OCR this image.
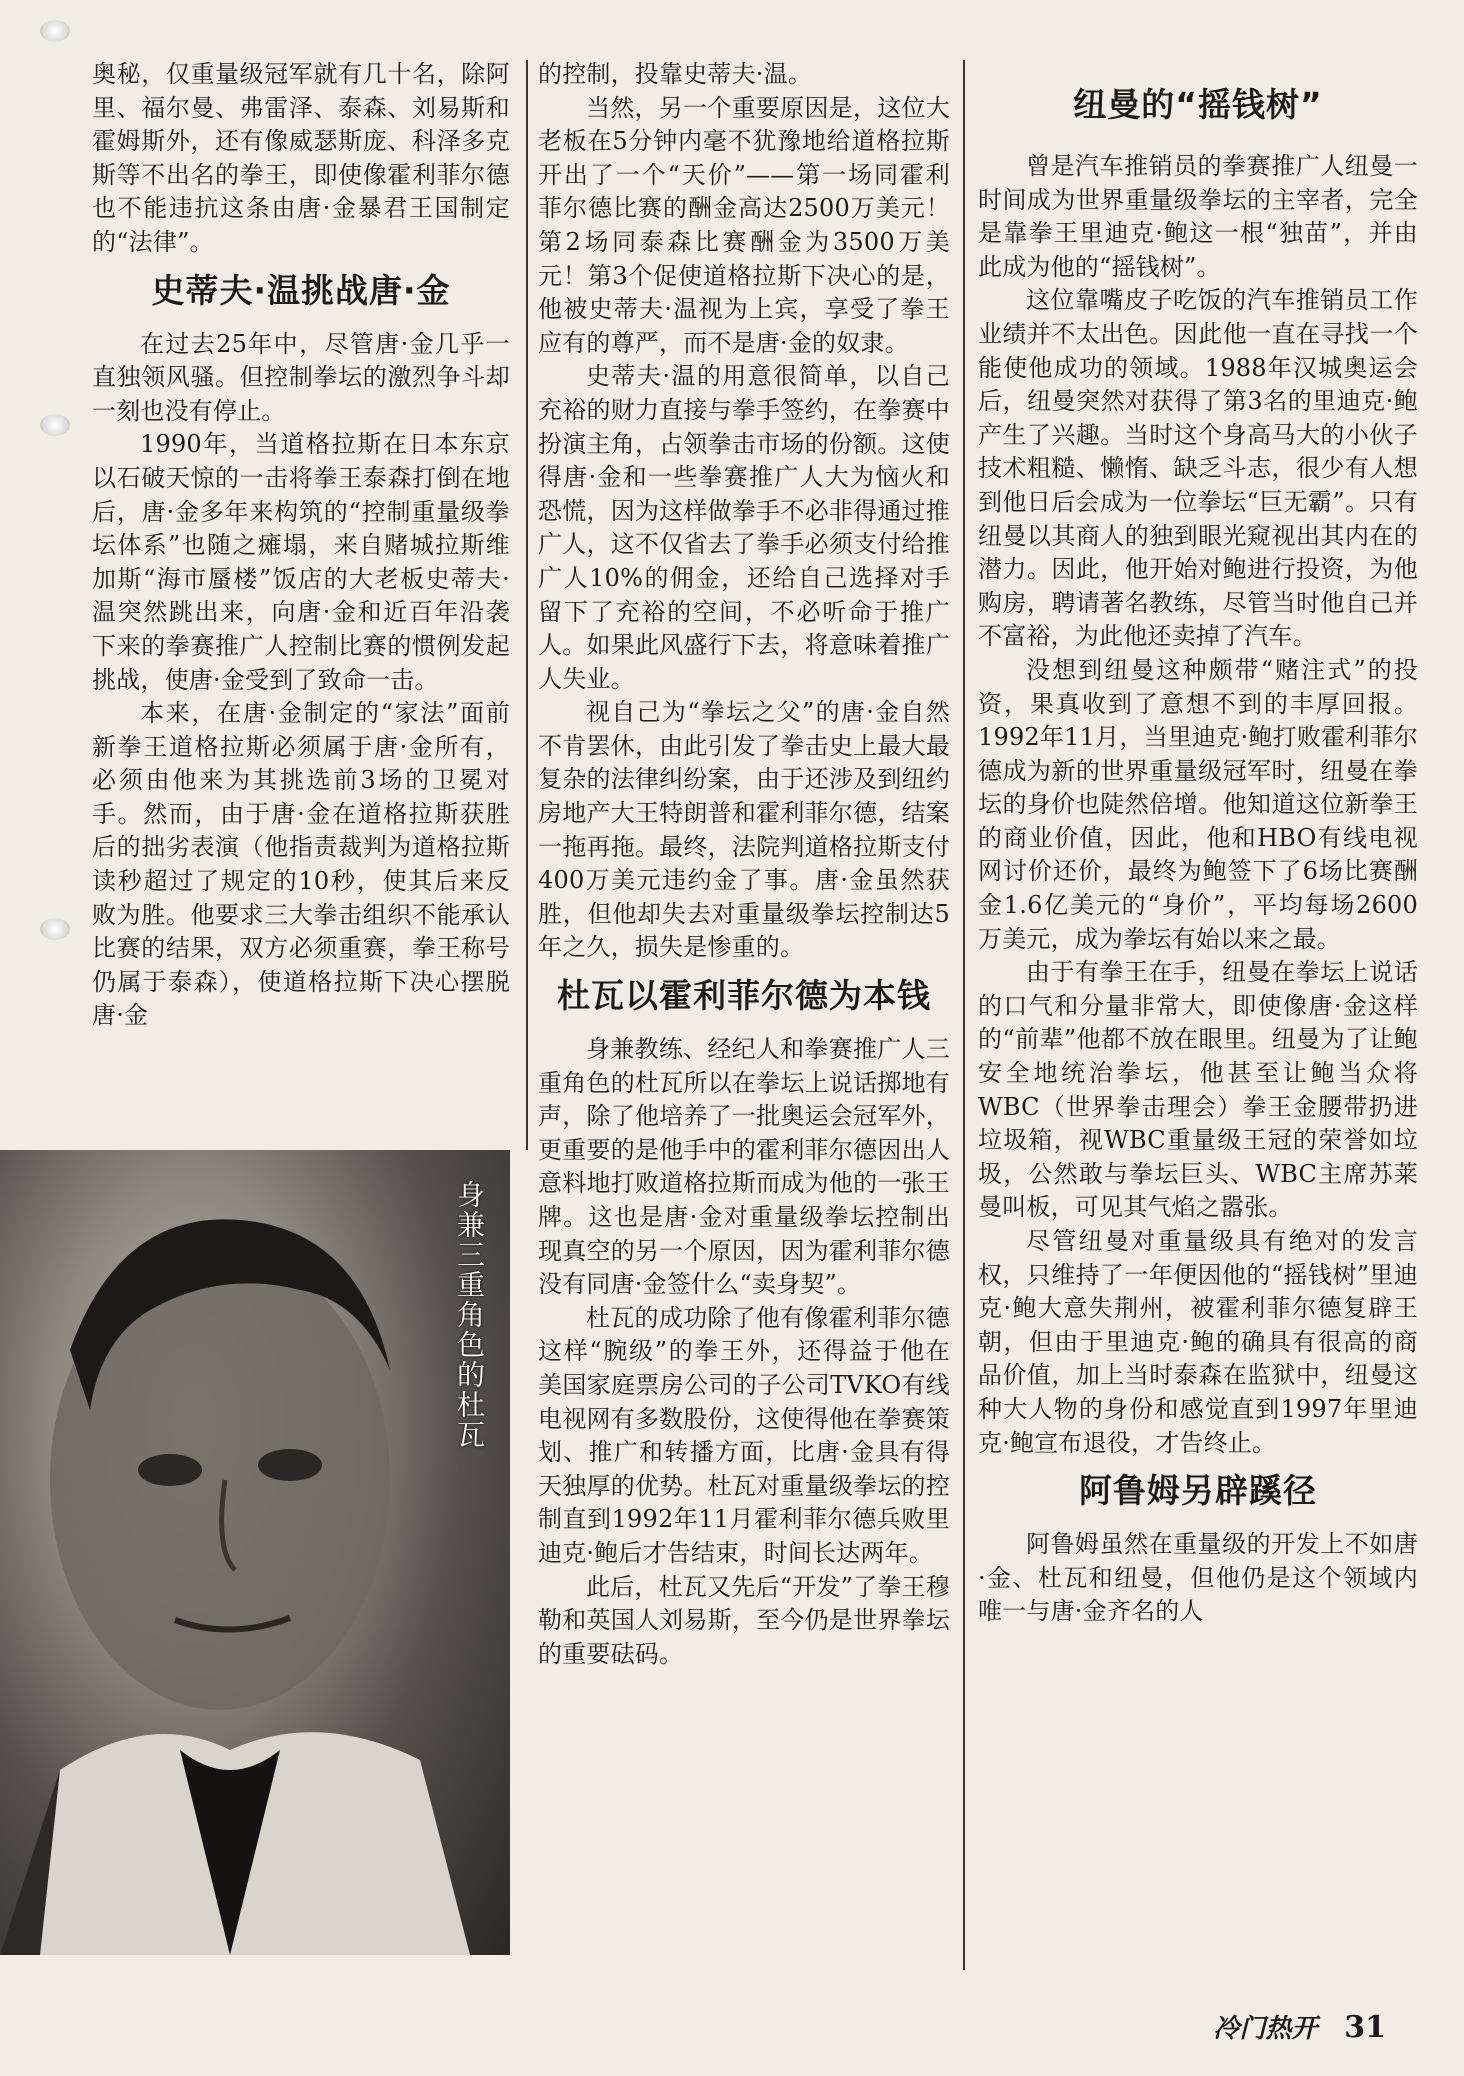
奥秘，仅重量级冠军就有几十名，除阿里、福尔曼、弗雷泽、泰森、刘易斯和霍姆斯外，还有像威瑟斯庞、科泽多克斯等不出名的拳王，即使像霍利菲尔德也不能违抗这条由唐·金暴君王国制定的“法律”。

史蒂夫·温挑战唐·金

在过去25年中，尽管唐·金几乎一直独领风骚。但控制拳坛的激烈争斗却一刻也没有停止。

1990年，当道格拉斯在日本东京以石破天惊的一击将拳王泰森打倒在地后，唐·金多年来构筑的“控制重量级拳坛体系”也随之瘫塌，来自赌城拉斯维加斯“海市蜃楼”饭店的大老板史蒂夫·温突然跳出来，向唐·金和近百年沿袭下来的拳赛推广人控制比赛的惯例发起挑战，使唐·金受到了致命一击。

本来，在唐·金制定的“家法”面前新拳王道格拉斯必须属于唐·金所有，必须由他来为其挑选前3场的卫冕对手。然而，由于唐·金在道格拉斯获胜后的拙劣表演（他指责裁判为道格拉斯读秒超过了规定的10秒，使其后来反败为胜。他要求三大拳击组织不能承认比赛的结果，双方必须重赛，拳王称号仍属于泰森），使道格拉斯下决心摆脱唐·金

身兼三重角色的杜瓦

的控制，投靠史蒂夫·温。

当然，另一个重要原因是，这位大老板在5分钟内毫不犹豫地给道格拉斯开出了一个“天价”——第一场同霍利菲尔德比赛的酬金高达2500万美元！第2场同泰森比赛酬金为3500万美元！第3个促使道格拉斯下决心的是，他被史蒂夫·温视为上宾，享受了拳王应有的尊严，而不是唐·金的奴隶。

史蒂夫·温的用意很简单，以自己充裕的财力直接与拳手签约，在拳赛中扮演主角，占领拳击市场的份额。这使得唐·金和一些拳赛推广人大为恼火和恐慌，因为这样做拳手不必非得通过推广人，这不仅省去了拳手必须支付给推广人10%的佣金，还给自己选择对手留下了充裕的空间，不必听命于推广人。如果此风盛行下去，将意味着推广人失业。

视自己为“拳坛之父”的唐·金自然不肯罢休，由此引发了拳击史上最大最复杂的法律纠纷案，由于还涉及到纽约房地产大王特朗普和霍利菲尔德，结案一拖再拖。最终，法院判道格拉斯支付400万美元违约金了事。唐·金虽然获胜，但他却失去对重量级拳坛控制达5年之久，损失是惨重的。

杜瓦以霍利菲尔德为本钱

身兼教练、经纪人和拳赛推广人三重角色的杜瓦所以在拳坛上说话掷地有声，除了他培养了一批奥运会冠军外，更重要的是他手中的霍利菲尔德因出人意料地打败道格拉斯而成为他的一张王牌。这也是唐·金对重量级拳坛控制出现真空的另一个原因，因为霍利菲尔德没有同唐·金签什么“卖身契”。

杜瓦的成功除了他有像霍利菲尔德这样“腕级”的拳王外，还得益于他在美国家庭票房公司的子公司TVKO有线电视网有多数股份，这使得他在拳赛策划、推广和转播方面，比唐·金具有得天独厚的优势。杜瓦对重量级拳坛的控制直到1992年11月霍利菲尔德兵败里迪克·鲍后才告结束，时间长达两年。

此后，杜瓦又先后“开发”了拳王穆勒和英国人刘易斯，至今仍是世界拳坛的重要砝码。

纽曼的“摇钱树”

曾是汽车推销员的拳赛推广人纽曼一时间成为世界重量级拳坛的主宰者，完全是靠拳王里迪克·鲍这一根“独苗”，并由此成为他的“摇钱树”。

这位靠嘴皮子吃饭的汽车推销员工作业绩并不太出色。因此他一直在寻找一个能使他成功的领域。1988年汉城奥运会后，纽曼突然对获得了第3名的里迪克·鲍产生了兴趣。当时这个身高马大的小伙子技术粗糙、懒惰、缺乏斗志，很少有人想到他日后会成为一位拳坛“巨无霸”。只有纽曼以其商人的独到眼光窥视出其内在的潜力。因此，他开始对鲍进行投资，为他购房，聘请著名教练，尽管当时他自己并不富裕，为此他还卖掉了汽车。

没想到纽曼这种颇带“赌注式”的投资，果真收到了意想不到的丰厚回报。1992年11月，当里迪克·鲍打败霍利菲尔德成为新的世界重量级冠军时，纽曼在拳坛的身价也陡然倍增。他知道这位新拳王的商业价值，因此，他和HBO有线电视网讨价还价，最终为鲍签下了6场比赛酬金1.6亿美元的“身价”，平均每场2600万美元，成为拳坛有始以来之最。

由于有拳王在手，纽曼在拳坛上说话的口气和分量非常大，即使像唐·金这样的“前辈”他都不放在眼里。纽曼为了让鲍安全地统治拳坛，他甚至让鲍当众将WBC（世界拳击理会）拳王金腰带扔进垃圾箱，视WBC重量级王冠的荣誉如垃圾，公然敢与拳坛巨头、WBC主席苏莱曼叫板，可见其气焰之嚣张。

尽管纽曼对重量级具有绝对的发言权，只维持了一年便因他的“摇钱树”里迪克·鲍大意失荆州，被霍利菲尔德复辟王朝，但由于里迪克·鲍的确具有很高的商品价值，加上当时泰森在监狱中，纽曼这种大人物的身份和感觉直到1997年里迪克·鲍宣布退役，才告终止。

阿鲁姆另辟蹊径

阿鲁姆虽然在重量级的开发上不如唐·金、杜瓦和纽曼，但他仍是这个领域内唯一与唐·金齐名的人

冷门热开 31
